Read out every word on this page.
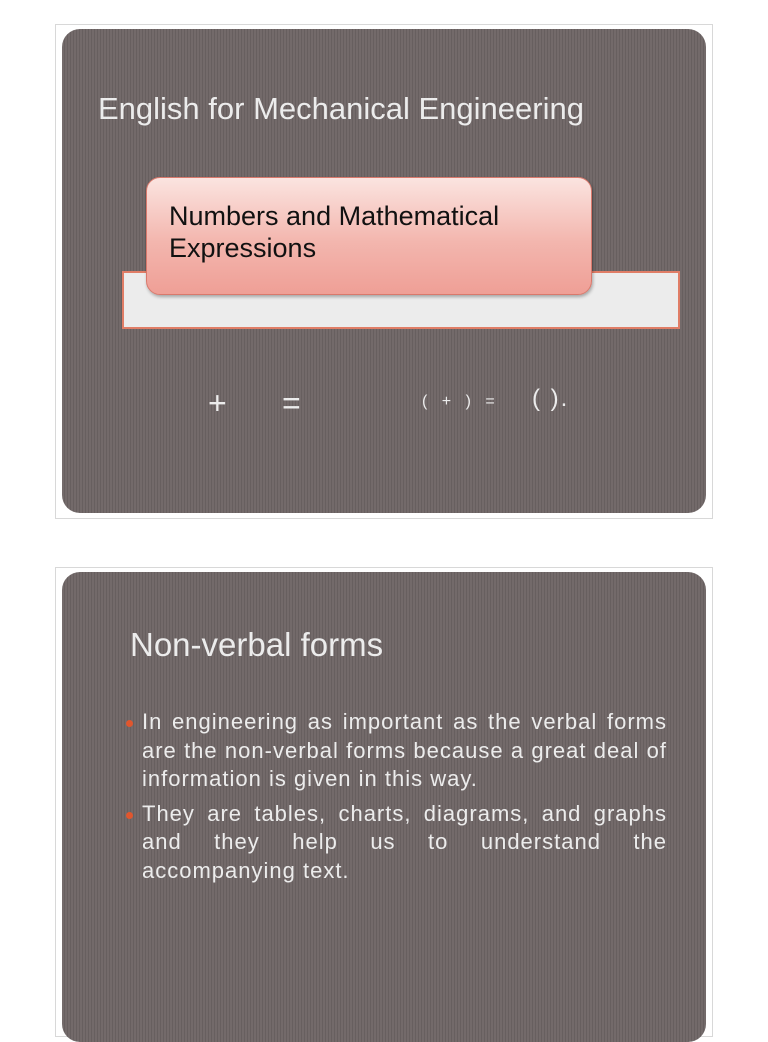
English for Mechanical Engineering
Numbers and Mathematical Expressions
+ =	( + ) = ( ).
Non-verbal forms
In engineering as important as the verbal forms are the non-verbal forms because a great deal of information is given in this way.
They are tables, charts, diagrams, and graphs and they help us to understand the accompanying text.
